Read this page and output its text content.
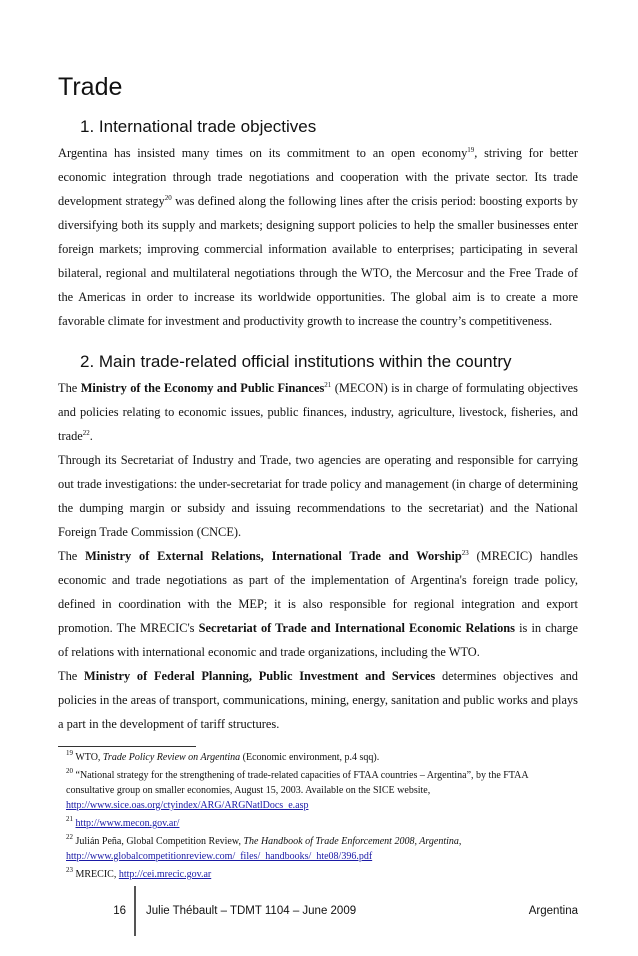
Trade
1. International trade objectives

Argentina has insisted many times on its commitment to an open economy$^{19}$, striving for better economic integration through trade negotiations and cooperation with the private sector. Its trade development strategy$^{20}$ was defined along the following lines after the crisis period: boosting exports by diversifying both its supply and markets; designing support policies to help the smaller businesses enter foreign markets; improving commercial information available to enterprises; participating in several bilateral, regional and multilateral negotiations through the WTO, the Mercosur and the Free Trade of the Americas in order to increase its worldwide opportunities. The global aim is to create a more favorable climate for investment and productivity growth to increase the country’s competitiveness.

2. Main trade-related official institutions within the country
The Ministry of the Economy and Public Finances$^{21}$ (MECON) is in charge of formulating objectives and policies relating to economic issues, public finances, industry, agriculture, livestock, fisheries, and trade$^{22}$.
Through its Secretariat of Industry and Trade, two agencies are operating and responsible for carrying out trade investigations: the under-secretariat for trade policy and management (in charge of determining the dumping margin or subsidy and issuing recommendations to the secretariat) and the National Foreign Trade Commission (CNCE).
The Ministry of External Relations, International Trade and Worship$^{23}$ (MRECIC) handles economic and trade negotiations as part of the implementation of Argentina's foreign trade policy, defined in coordination with the MEP; it is also responsible for regional integration and export promotion. The MRECIC's Secretariat of Trade and International Economic Relations is in charge of relations with international economic and trade organizations, including the WTO.
The Ministry of Federal Planning, Public Investment and Services determines objectives and policies in the areas of transport, communications, mining, energy, sanitation and public works and plays a part in the development of tariff structures.
$^{19}$ WTO, Trade Policy Review on Argentina (Economic environment, p.4 sqq).
$^{20}$ “National strategy for the strengthening of trade-related capacities of FTAA countries – Argentina”, by the FTAA consultative group on smaller economies, August 15, 2003. Available on the SICE website,
http://www.sice.oas.org/ctyindex/ARG/ARGNatlDocs_e.asp
$^{21}$ http://www.mecon.gov.ar/
$^{22}$ Julián Peña, Global Competition Review, The Handbook of Trade Enforcement 2008, Argentina,
http://www.globalcompetitionreview.com/_files/_handbooks/_hte08/396.pdf
$^{23}$ MRECIC, http://cei.mrecic.gov.ar
16	Julie Thébault – TDMT 1104 – June 2009	Argentina
